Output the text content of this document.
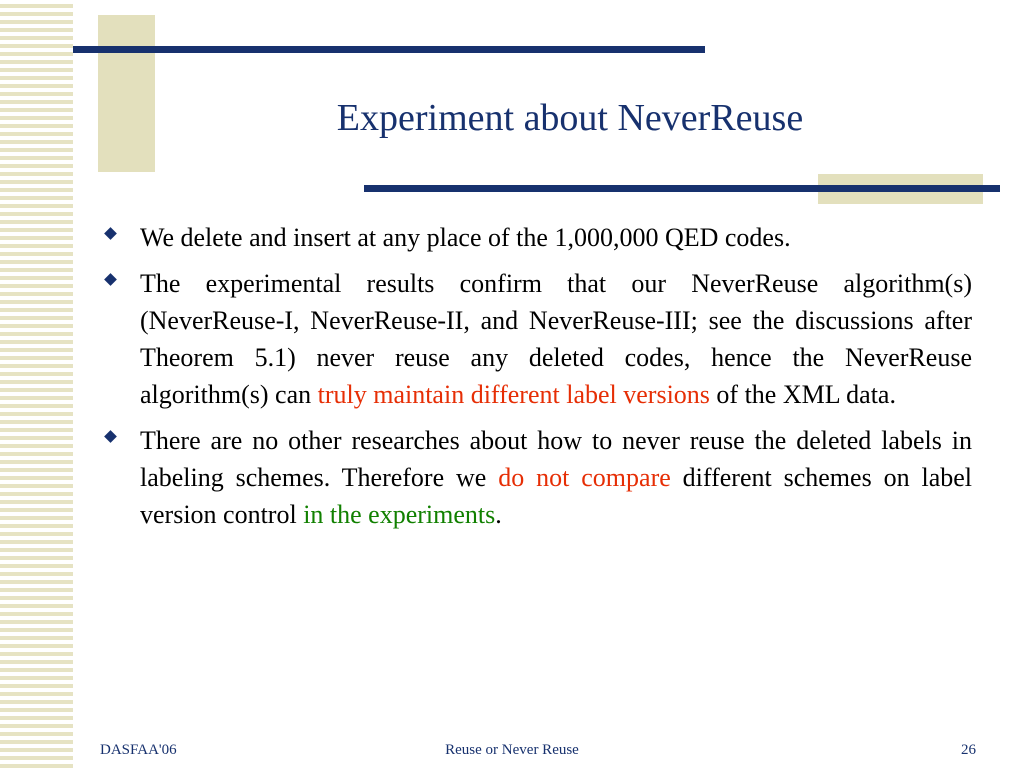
Experiment about NeverReuse
We delete and insert at any place of the 1,000,000 QED codes.
The experimental results confirm that our NeverReuse algorithm(s) (NeverReuse-I, NeverReuse-II, and NeverReuse-III; see the discussions after Theorem 5.1) never reuse any deleted codes, hence the NeverReuse algorithm(s) can truly maintain different label versions of the XML data.
There are no other researches about how to never reuse the deleted labels in labeling schemes. Therefore we do not compare different schemes on label version control in the experiments.
DASFAA'06	Reuse or Never Reuse	26
